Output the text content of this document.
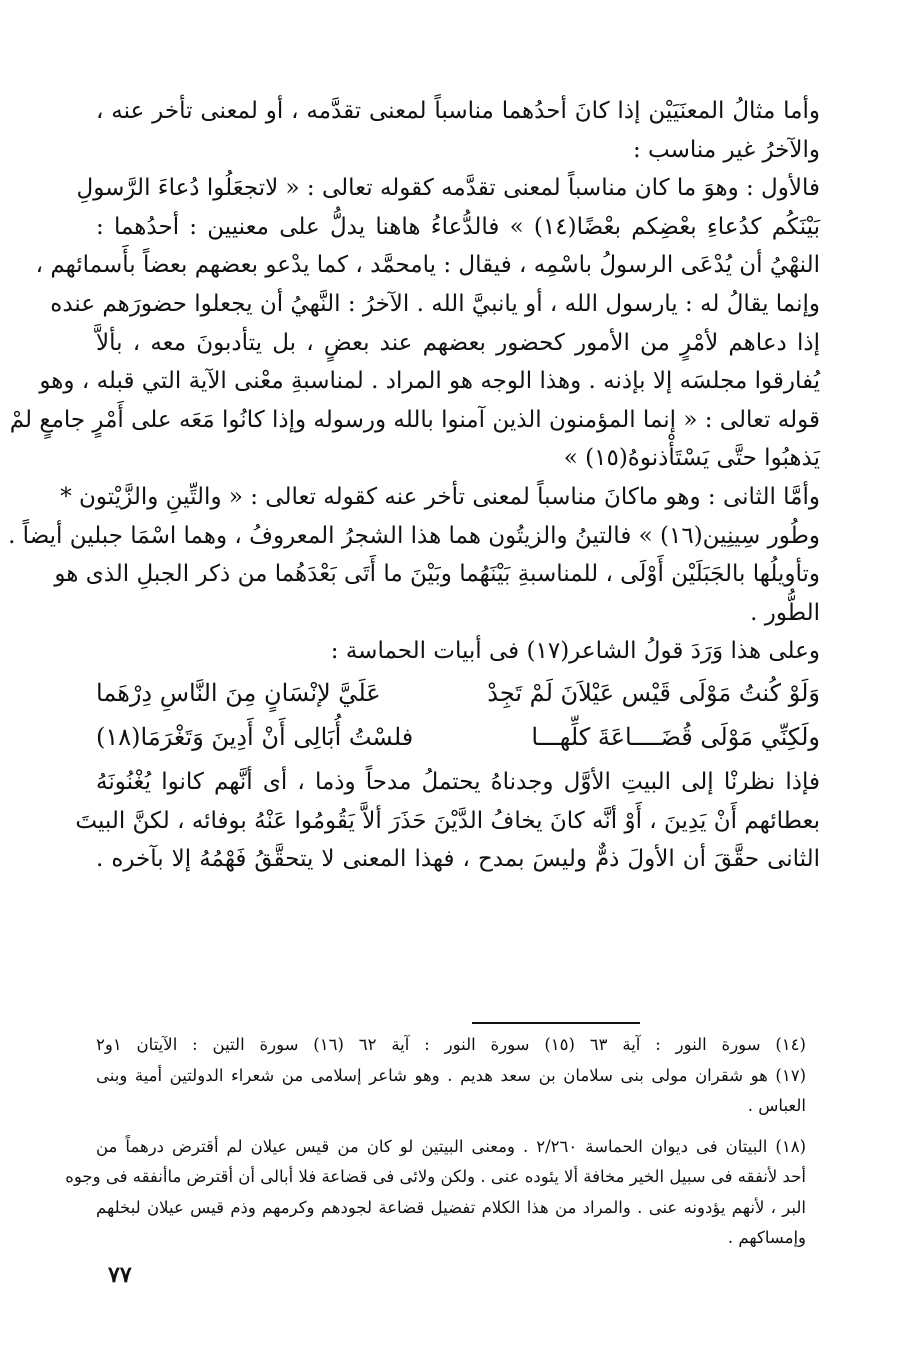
وأما مثالُ المعنَيَيْن إذا كانَ أحدُهما مناسباً لمعنى تقدَّمه ، أو لمعنى تأخر عنه ،
والآخرُ غير مناسب :
فالأول : وهوَ ما كان مناسباً لمعنى تقدَّمه كقوله تعالى : « لاتجعَلُوا دُعاءَ الرَّسولِ
بَيْنَكُم كدُعاءِ بعْضِكم بعْضًا(١٤) » فالدُّعاءُ هاهنا يدلُّ على معنيين : أحدُهما :
النهْيُ أن يُدْعَى الرسولُ باسْمِه ، فيقال : يامحمَّد ، كما يدْعو بعضهم بعضاً بأَسمائهم ،
وإنما يقالُ له : يارسول الله ، أو يانبيَّ الله . الآخرُ : النَّهيُ أن يجعلوا حضورَهم عنده
إذا دعاهم لأمْرٍ من الأمور كحضور بعضهم عند بعضٍ ، بل يتأدبونَ معه ، بألاَّ
يُفارقوا مجلسَه إلا بإذنه . وهذا الوجه هو المراد . لمناسبةِ معْنى الآية التي قبله ، وهو
قوله تعالى : « إنما المؤمنون الذين آمنوا بالله ورسوله وإذا كانُوا مَعَه على أَمْرٍ جامعٍ لمْ
يَذهبُوا حتَّى يَسْتَأْذنوهُ(١٥) »
وأمَّا الثانى : وهو ماكانَ مناسباً لمعنى تأخر عنه كقوله تعالى : « والتِّينِ والزَّيْتون *
وطُور سِينِين(١٦) » فالتينُ والزيتُون هما هذا الشجرُ المعروفُ ، وهما اسْمَا جبلين أيضاً .
وتأويلُها بالجَبَلَيْن أَوْلَى ، للمناسبةِ بَيْنَهُما وبَيْنَ ما أَتَى بَعْدَهُما من ذكر الجبلِ الذى هو
الطُّور .
وعلى هذا وَرَدَ قولُ الشاعر(١٧) فى أبيات الحماسة :
وَلَوْ كُنتُ مَوْلَى قَيْس عَيْلاَنَ لَمْ تَجِدْ
عَلَيَّ لإنْسَانٍ مِنَ النَّاسِ دِرْهَما
ولَكِنِّي مَوْلَى قُضَــــاعَةَ كلِّهـــا
فلسْتُ أُبَالِى أَنْ أَدِينَ وَتَغْرَمَا(١٨)
فإذا نظرنْا إلى البيتِ الأوَّل وجدناهُ يحتملُ مدحاً وذما ، أى أنَّهم كانوا يُغْنُونَهُ
بعطائهم أَنْ يَدِينَ ، أَوْ أنَّه كانَ يخافُ الدَّيْنَ حَذَرَ ألاَّ يَقُومُوا عَنْهُ بوفائه ، لكنَّ البيتَ
الثانى حقَّقَ أن الأولَ ذمٌّ وليسَ بمدح ، فهذا المعنى لا يتحقَّقُ فَهْمُهُ إلا بآخره .
(١٤) سورة النور : آية ٦٣ (١٥) سورة النور : آية ٦٢ (١٦) سورة التين : الآيتان ١و٢
(١٧) هو شقران مولى بنى سلامان بن سعد هديم . وهو شاعر إسلامى من شعراء الدولتين أمية وبنى
العباس .
(١٨) البيتان فى ديوان الحماسة ٢/٢٦٠ . ومعنى البيتين لو كان من قيس عيلان لم أقترض درهماً من
أحد لأنفقه فى سبيل الخير مخافة ألا يئوده عنى . ولكن ولائى فى قضاعة فلا أبالى أن أقترض ماأنفقه فى وجوه
البر ، لأنهم يؤدونه عنى . والمراد من هذا الكلام تفضيل قضاعة لجودهم وكرمهم وذم قيس عيلان لبخلهم
وإمساكهم .
٧٧
